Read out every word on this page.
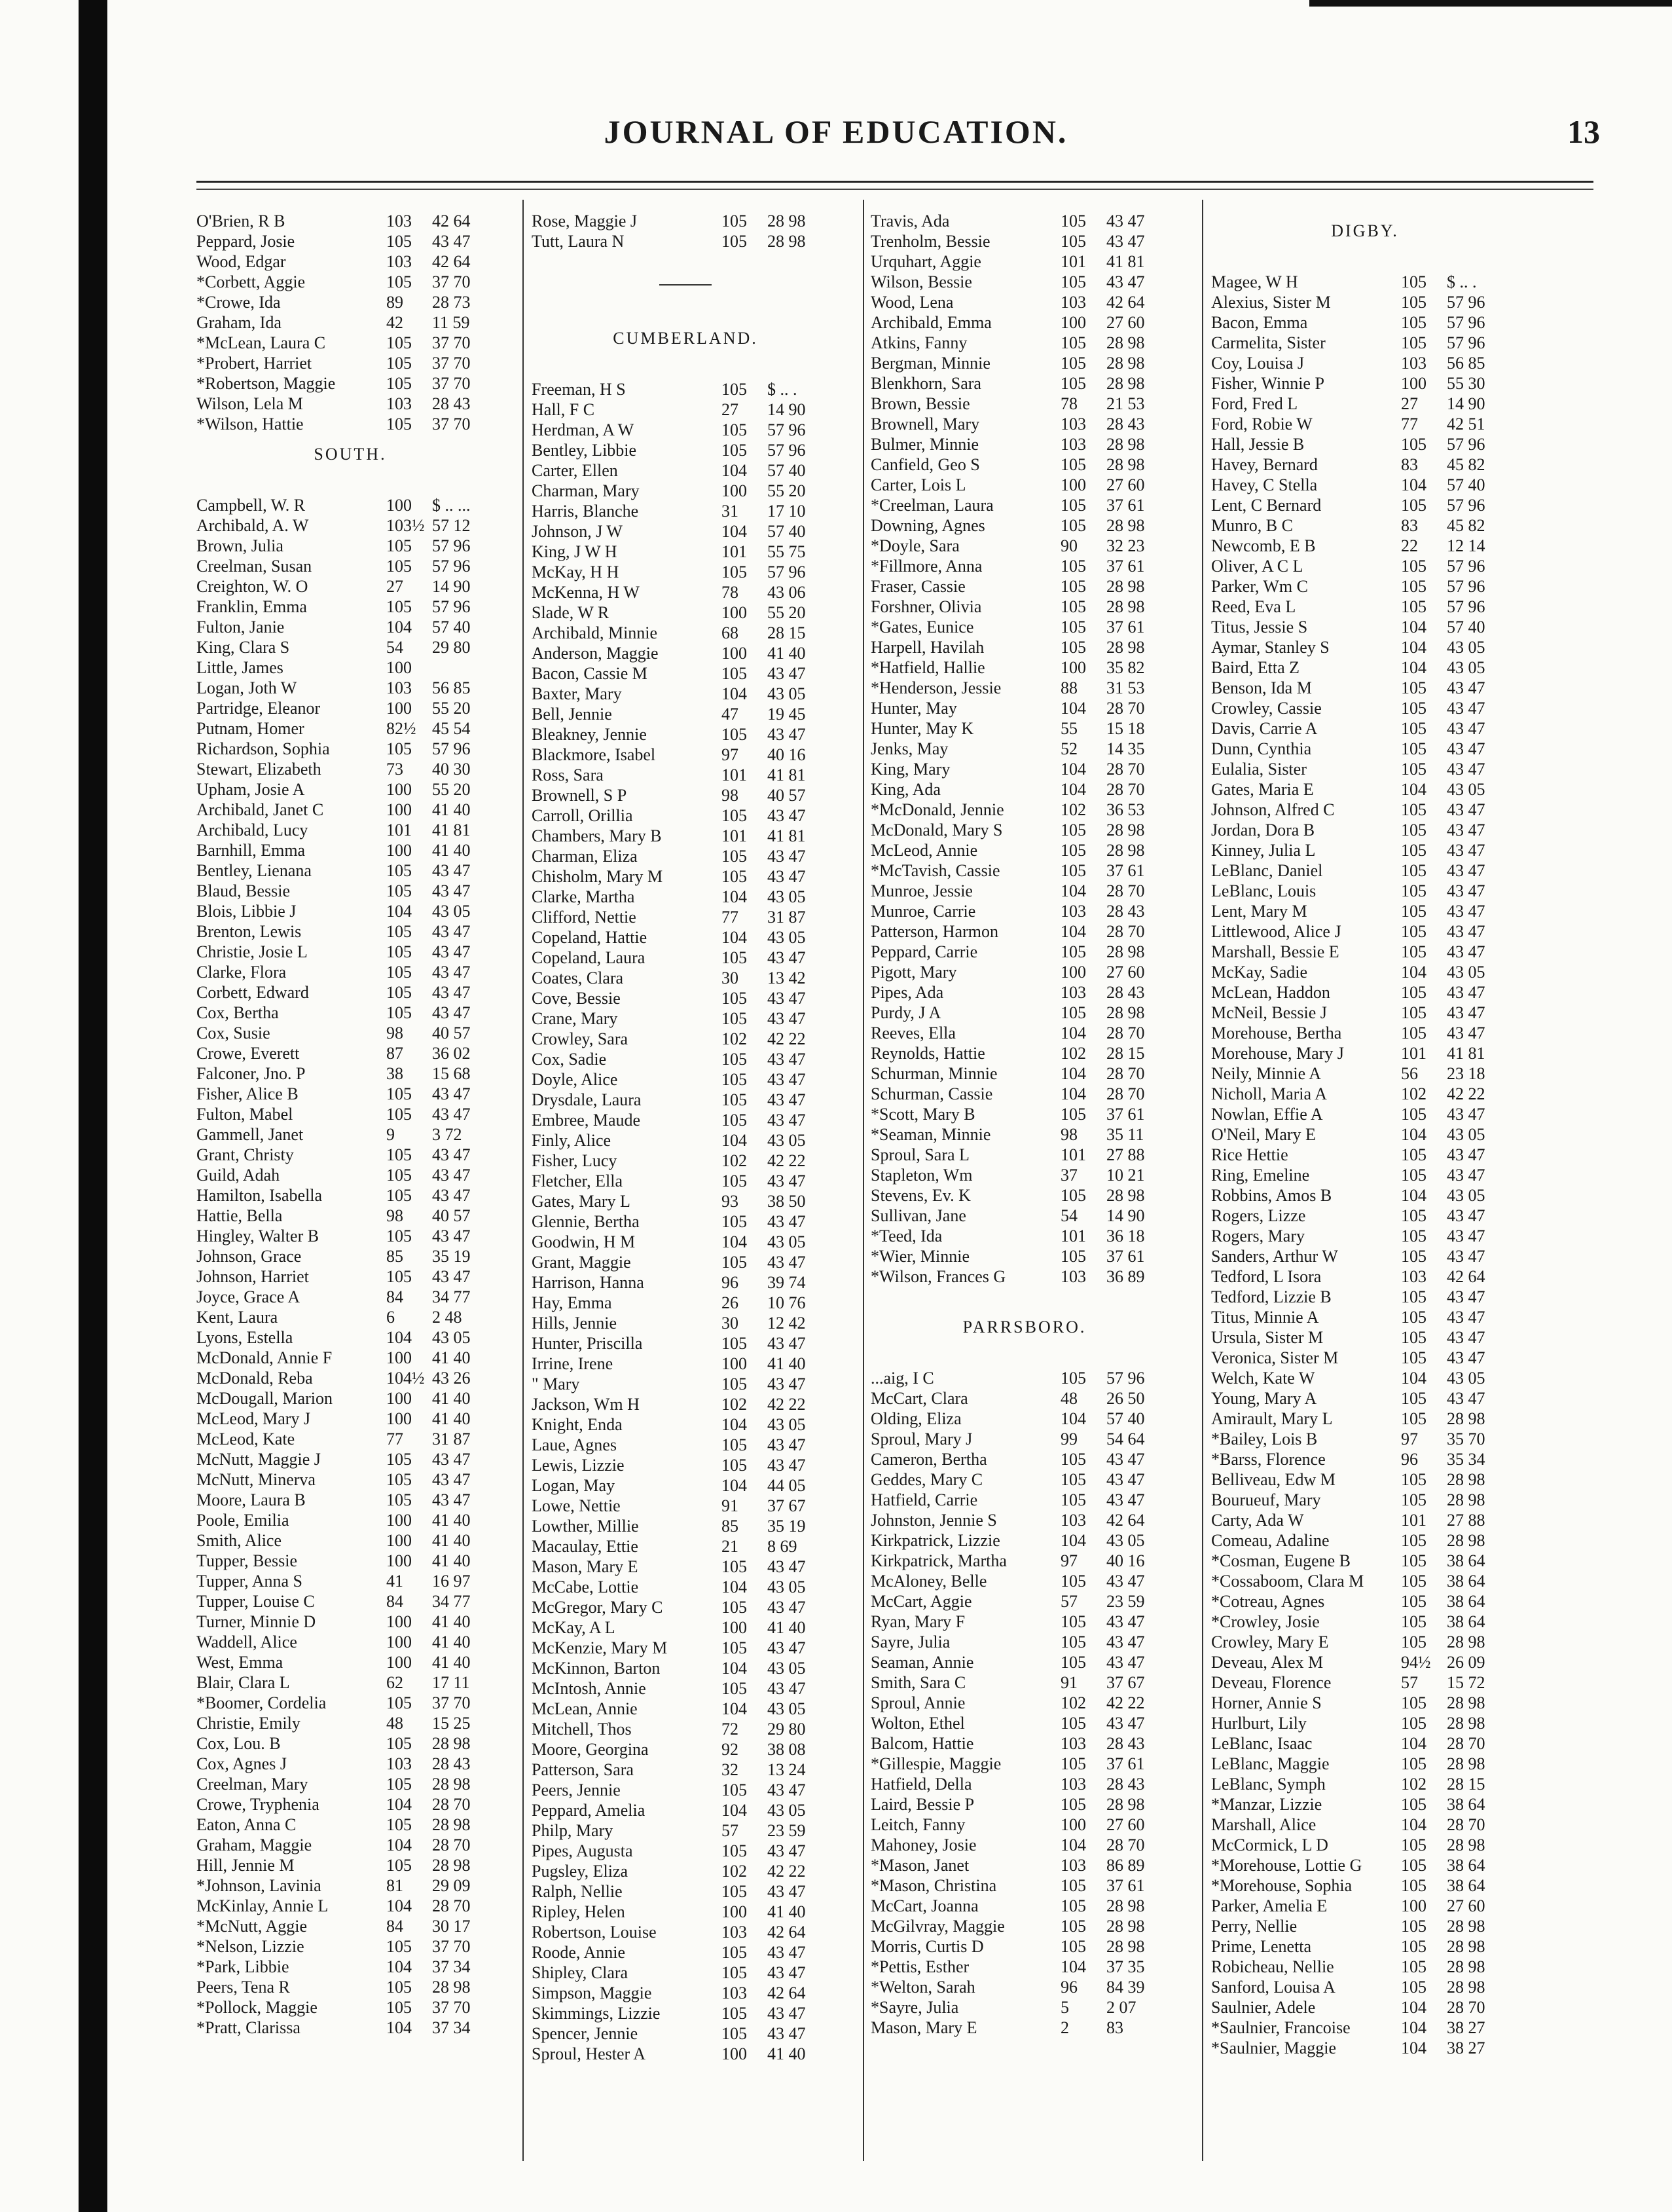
JOURNAL OF EDUCATION.	13
O'Brien, R B	103	42 64
Peppard, Josie	105	43 47
Wood, Edgar	103	42 64
*Corbett, Aggie	105	37 70
*Crowe, Ida	89	28 73
Graham, Ida	42	11 59
*McLean, Laura C	105	37 70
*Probert, Harriet	105	37 70
*Robertson, Maggie	105	37 70
Wilson, Lela M	103	28 43
*Wilson, Hattie	105	37 70
SOUTH.
Campbell, W. R	100	$ .. ...
Archibald, A. W	103½ 57 12
Brown, Julia	105	57 96
Creelman, Susan	105	57 96
Creighton, W. O	27	14 90
Franklin, Emma	105	57 96
Fulton, Janie	104	57 40
King, Clara S	54	29 80
Little, James	100
Logan, Joth W	103	56 85
Partridge, Eleanor	100	55 20
Putnam, Homer	82½ 45 54
Richardson, Sophia	105	57 96
Stewart, Elizabeth	73	40 30
Upham, Josie A	100	55 20
Archibald, Janet C	100	41 40
Archibald, Lucy	101	41 81
Barnhill, Emma	100	41 40
Bentley, Lienana	105	43 47
Blaud, Bessie	105	43 47
Blois, Libbie J	104	43 05
Brenton, Lewis	105	43 47
Christie, Josie L	105	43 47
Clarke, Flora	105	43 47
Corbett, Edward	105	43 47
Cox, Bertha	105	43 47
Cox, Susie	98	40 57
Crowe, Everett	87	36 02
Falconer, Jno. P	38	15 68
Fisher, Alice B	105	43 47
Fulton, Mabel	105	43 47
Gammell, Janet	9	3 72
Grant, Christy	105	43 47
Guild, Adah	105	43 47
Hamilton, Isabella	105	43 47
Hattie, Bella	98	40 57
Hingley, Walter B	105	43 47
Johnson, Grace	85	35 19
Johnson, Harriet	105	43 47
Joyce, Grace A	84	34 77
Kent, Laura	6	2 48
Lyons, Estella	104	43 05
McDonald, Annie F	100	41 40
McDonald, Reba	104½ 43 26
McDougall, Marion	100	41 40
McLeod, Mary J	100	41 40
McLeod, Kate	77	31 87
McNutt, Maggie J	105	43 47
McNutt, Minerva	105	43 47
Moore, Laura B	105	43 47
Poole, Emilia	100	41 40
Smith, Alice	100	41 40
Tupper, Bessie	100	41 40
Tupper, Anna S	41	16 97
Tupper, Louise C	84	34 77
Turner, Minnie D	100	41 40
Waddell, Alice	100	41 40
West, Emma	100	41 40
Blair, Clara L	62	17 11
*Boomer, Cordelia	105	37 70
Christie, Emily	48	15 25
Cox, Lou. B	105	28 98
Cox, Agnes J	103	28 43
Creelman, Mary	105	28 98
Crowe, Tryphenia	104	28 70
Eaton, Anna C	105	28 98
Graham, Maggie	104	28 70
Hill, Jennie M	105	28 98
*Johnson, Lavinia	81	29 09
McKinlay, Annie L	104	28 70
*McNutt, Aggie	84	30 17
*Nelson, Lizzie	105	37 70
*Park, Libbie	104	37 34
Peers, Tena R	105	28 98
*Pollock, Maggie	105	37 70
*Pratt, Clarissa	104	37 34
Rose, Maggie J	105	28 98
Tutt, Laura N	105	28 98
CUMBERLAND.
Freeman, H S	105	$ .. .
Hall, F C	27	14 90
Herdman, A W	105	57 96
Bentley, Libbie	105	57 96
Carter, Ellen	104	57 40
Charman, Mary	100	55 20
Harris, Blanche	31	17 10
Johnson, J W	104	57 40
King, J W H	101	55 75
McKay, H H	105	57 96
McKenna, H W	78	43 06
Slade, W R	100	55 20
Archibald, Minnie	68	28 15
Anderson, Maggie	100	41 40
Bacon, Cassie M	105	43 47
Baxter, Mary	104	43 05
Bell, Jennie	47	19 45
Bleakney, Jennie	105	43 47
Blackmore, Isabel	97	40 16
Ross, Sara	101	41 81
Brownell, S P	98	40 57
Carroll, Orillia	105	43 47
Chambers, Mary B	101	41 81
Charman, Eliza	105	43 47
Chisholm, Mary M	105	43 47
Clarke, Martha	104	43 05
Clifford, Nettie	77	31 87
Copeland, Hattie	104	43 05
Copeland, Laura	105	43 47
Coates, Clara	30	13 42
Cove, Bessie	105	43 47
Crane, Mary	105	43 47
Crowley, Sara	102	42 22
Cox, Sadie	105	43 47
Doyle, Alice	105	43 47
Drysdale, Laura	105	43 47
Embree, Maude	105	43 47
Finly, Alice	104	43 05
Fisher, Lucy	102	42 22
Fletcher, Ella	105	43 47
Gates, Mary L	93	38 50
Glennie, Bertha	105	43 47
Goodwin, H M	104	43 05
Grant, Maggie	105	43 47
Harrison, Hanna	96	39 74
Hay, Emma	26	10 76
Hills, Jennie	30	12 42
Hunter, Priscilla	105	43 47
Irrine, Irene	100	41 40
" Mary	105	43 47
Jackson, Wm H	102	42 22
Knight, Enda	104	43 05
Laue, Agnes	105	43 47
Lewis, Lizzie	105	43 47
Logan, May	104	44 05
Lowe, Nettie	91	37 67
Lowther, Millie	85	35 19
Macaulay, Ettie	21	8 69
Mason, Mary E	105	43 47
McCabe, Lottie	104	43 05
McGregor, Mary C	105	43 47
McKay, A L	100	41 40
McKenzie, Mary M	105	43 47
McKinnon, Barton	104	43 05
McIntosh, Annie	105	43 47
McLean, Annie	104	43 05
Mitchell, Thos	72	29 80
Moore, Georgina	92	38 08
Patterson, Sara	32	13 24
Peers, Jennie	105	43 47
Peppard, Amelia	104	43 05
Philp, Mary	57	23 59
Pipes, Augusta	105	43 47
Pugsley, Eliza	102	42 22
Ralph, Nellie	105	43 47
Ripley, Helen	100	41 40
Robertson, Louise	103	42 64
Roode, Annie	105	43 47
Shipley, Clara	105	43 47
Simpson, Maggie	103	42 64
Skimmings, Lizzie	105	43 47
Spencer, Jennie	105	43 47
Sproul, Hester A	100	41 40
Travis, Ada	105	43 47
Trenholm, Bessie	105	43 47
Urquhart, Aggie	101	41 81
Wilson, Bessie	105	43 47
Wood, Lena	103	42 64
Archibald, Emma	100	27 60
Atkins, Fanny	105	28 98
Bergman, Minnie	105	28 98
Blenkhorn, Sara	105	28 98
Brown, Bessie	78	21 53
Brownell, Mary	103	28 43
Bulmer, Minnie	103	28 98
Canfield, Geo S	105	28 98
Carter, Lois L	100	27 60
*Creelman, Laura	105	37 61
Downing, Agnes	105	28 98
*Doyle, Sara	90	32 23
*Fillmore, Anna	105	37 61
Fraser, Cassie	105	28 98
Forshner, Olivia	105	28 98
*Gates, Eunice	105	37 61
Harpell, Havilah	105	28 98
*Hatfield, Hallie	100	35 82
*Henderson, Jessie	88	31 53
Hunter, May	104	28 70
Hunter, May K	55	15 18
Jenks, May	52	14 35
King, Mary	104	28 70
King, Ada	104	28 70
*McDonald, Jennie	102	36 53
McDonald, Mary S	105	28 98
McLeod, Annie	105	28 98
*McTavish, Cassie	105	37 61
Munroe, Jessie	104	28 70
Munroe, Carrie	103	28 43
Patterson, Harmon	104	28 70
Peppard, Carrie	105	28 98
Pigott, Mary	100	27 60
Pipes, Ada	103	28 43
Purdy, J A	105	28 98
Reeves, Ella	104	28 70
Reynolds, Hattie	102	28 15
Schurman, Minnie	104	28 70
Schurman, Cassie	104	28 70
*Scott, Mary B	105	37 61
*Seaman, Minnie	98	35 11
Sproul, Sara L	101	27 88
Stapleton, Wm	37	10 21
Stevens, Ev. K	105	28 98
Sullivan, Jane	54	14 90
*Teed, Ida	101	36 18
*Wier, Minnie	105	37 61
*Wilson, Frances G	103	36 89
PARRSBORO.
...aig, I C	105	57 96
McCart, Clara	48	26 50
Olding, Eliza	104	57 40
Sproul, Mary J	99	54 64
Cameron, Bertha	105	43 47
Geddes, Mary C	105	43 47
Hatfield, Carrie	105	43 47
Johnston, Jennie S	103	42 64
Kirkpatrick, Lizzie	104	43 05
Kirkpatrick, Martha	97	40 16
McAloney, Belle	105	43 47
McCart, Aggie	57	23 59
Ryan, Mary F	105	43 47
Sayre, Julia	105	43 47
Seaman, Annie	105	43 47
Smith, Sara C	91	37 67
Sproul, Annie	102	42 22
Wolton, Ethel	105	43 47
Balcom, Hattie	103	28 43
*Gillespie, Maggie	105	37 61
Hatfield, Della	103	28 43
Laird, Bessie P	105	28 98
Leitch, Fanny	100	27 60
Mahoney, Josie	104	28 70
*Mason, Janet	103	86 89
*Mason, Christina	105	37 61
McCart, Joanna	105	28 98
McGilvray, Maggie	105	28 98
Morris, Curtis D	105	28 98
*Pettis, Esther	104	37 35
*Welton, Sarah	96	84 39
*Sayre, Julia	5	2 07
Mason, Mary E	2	83
DIGBY.
Magee, W H	105	$ .. .
Alexius, Sister M	105	57 96
Bacon, Emma	105	57 96
Carmelita, Sister	105	57 96
Coy, Louisa J	103	56 85
Fisher, Winnie P	100	55 30
Ford, Fred L	27	14 90
Ford, Robie W	77	42 51
Hall, Jessie B	105	57 96
Havey, Bernard	83	45 82
Havey, C Stella	104	57 40
Lent, C Bernard	105	57 96
Munro, B C	83	45 82
Newcomb, E B	22	12 14
Oliver, A C L	105	57 96
Parker, Wm C	105	57 96
Reed, Eva L	105	57 96
Titus, Jessie S	104	57 40
Aymar, Stanley S	104	43 05
Baird, Etta Z	104	43 05
Benson, Ida M	105	43 47
Crowley, Cassie	105	43 47
Davis, Carrie A	105	43 47
Dunn, Cynthia	105	43 47
Eulalia, Sister	105	43 47
Gates, Maria E	104	43 05
Johnson, Alfred C	105	43 47
Jordan, Dora B	105	43 47
Kinney, Julia L	105	43 47
LeBlanc, Daniel	105	43 47
LeBlanc, Louis	105	43 47
Lent, Mary M	105	43 47
Littlewood, Alice J	105	43 47
Marshall, Bessie E	105	43 47
McKay, Sadie	104	43 05
McLean, Haddon	105	43 47
McNeil, Bessie J	105	43 47
Morehouse, Bertha	105	43 47
Morehouse, Mary J	101	41 81
Neily, Minnie A	56	23 18
Nicholl, Maria A	102	42 22
Nowlan, Effie A	105	43 47
O'Neil, Mary E	104	43 05
Rice Hettie	105	43 47
Ring, Emeline	105	43 47
Robbins, Amos B	104	43 05
Rogers, Lizze	105	43 47
Rogers, Mary	105	43 47
Sanders, Arthur W	105	43 47
Tedford, L Isora	103	42 64
Tedford, Lizzie B	105	43 47
Titus, Minnie A	105	43 47
Ursula, Sister M	105	43 47
Veronica, Sister M	105	43 47
Welch, Kate W	104	43 05
Young, Mary A	105	43 47
Amirault, Mary L	105	28 98
*Bailey, Lois B	97	35 70
*Barss, Florence	96	35 34
Belliveau, Edw M	105	28 98
Bourueuf, Mary	105	28 98
Carty, Ada W	101	27 88
Comeau, Adaline	105	28 98
*Cosman, Eugene B	105	38 64
*Cossaboom, Clara M	105	38 64
*Cotreau, Agnes	105	38 64
*Crowley, Josie	105	38 64
Crowley, Mary E	105	28 98
Deveau, Alex M	94½ 26 09
Deveau, Florence	57	15 72
Horner, Annie S	105	28 98
Hurlburt, Lily	105	28 98
LeBlanc, Isaac	104	28 70
LeBlanc, Maggie	105	28 98
LeBlanc, Symph	102	28 15
*Manzar, Lizzie	105	38 64
Marshall, Alice	104	28 70
McCormick, L D	105	28 98
*Morehouse, Lottie G	105	38 64
*Morehouse, Sophia	105	38 64
Parker, Amelia E	100	27 60
Perry, Nellie	105	28 98
Prime, Lenetta	105	28 98
Robicheau, Nellie	105	28 98
Sanford, Louisa A	105	28 98
Saulnier, Adele	104	28 70
*Saulnier, Francoise	104	38 27
*Saulnier, Maggie	104	38 27
